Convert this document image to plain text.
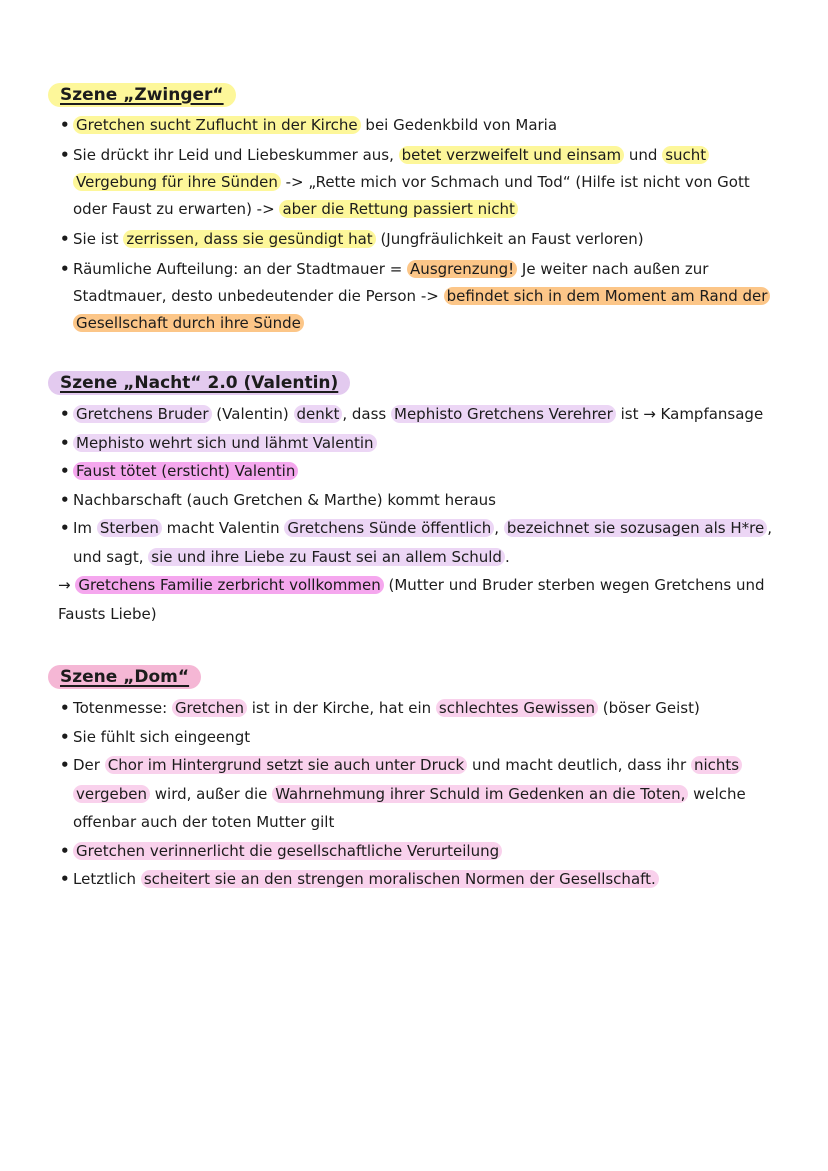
Szene „Zwinger“
• Gretchen sucht Zuflucht in der Kirche bei Gedenkbild von Maria
• Sie drückt ihr Leid und Liebeskummer aus, betet verzweifelt und einsam und sucht
Vergebung für ihre Sünden -> „Rette mich vor Schmach und Tod“ (Hilfe ist nicht von Gott
oder Faust zu erwarten) -> aber die Rettung passiert nicht
• Sie ist zerrissen, dass sie gesündigt hat (Jungfräulichkeit an Faust verloren)
• Räumliche Aufteilung: an der Stadtmauer = Ausgrenzung! Je weiter nach außen zur
Stadtmauer, desto unbedeutender die Person -> befindet sich in dem Moment am Rand der
Gesellschaft durch ihre Sünde
Szene „Nacht“ 2.0 (Valentin)
• Gretchens Bruder (Valentin) denkt , dass Mephisto Gretchens Verehrer ist → Kampfansage
• Mephisto wehrt sich und lähmt Valentin
• Faust tötet (ersticht) Valentin
• Nachbarschaft (auch Gretchen & Marthe) kommt heraus
• Im Sterben macht Valentin Gretchens Sünde öffentlich , bezeichnet sie sozusagen als H*re ,
und sagt, sie und ihre Liebe zu Faust sei an allem Schuld .
→ Gretchens Familie zerbricht vollkommen (Mutter und Bruder sterben wegen Gretchens und
Fausts Liebe)
Szene „Dom“
• Totenmesse: Gretchen ist in der Kirche, hat ein schlechtes Gewissen (böser Geist)
• Sie fühlt sich eingeengt
• Der Chor im Hintergrund setzt sie auch unter Druck und macht deutlich, dass ihr nichts
vergeben wird, außer die Wahrnehmung ihrer Schuld im Gedenken an die Toten, welche
offenbar auch der toten Mutter gilt
• Gretchen verinnerlicht die gesellschaftliche Verurteilung
• Letztlich scheitert sie an den strengen moralischen Normen der Gesellschaft.
